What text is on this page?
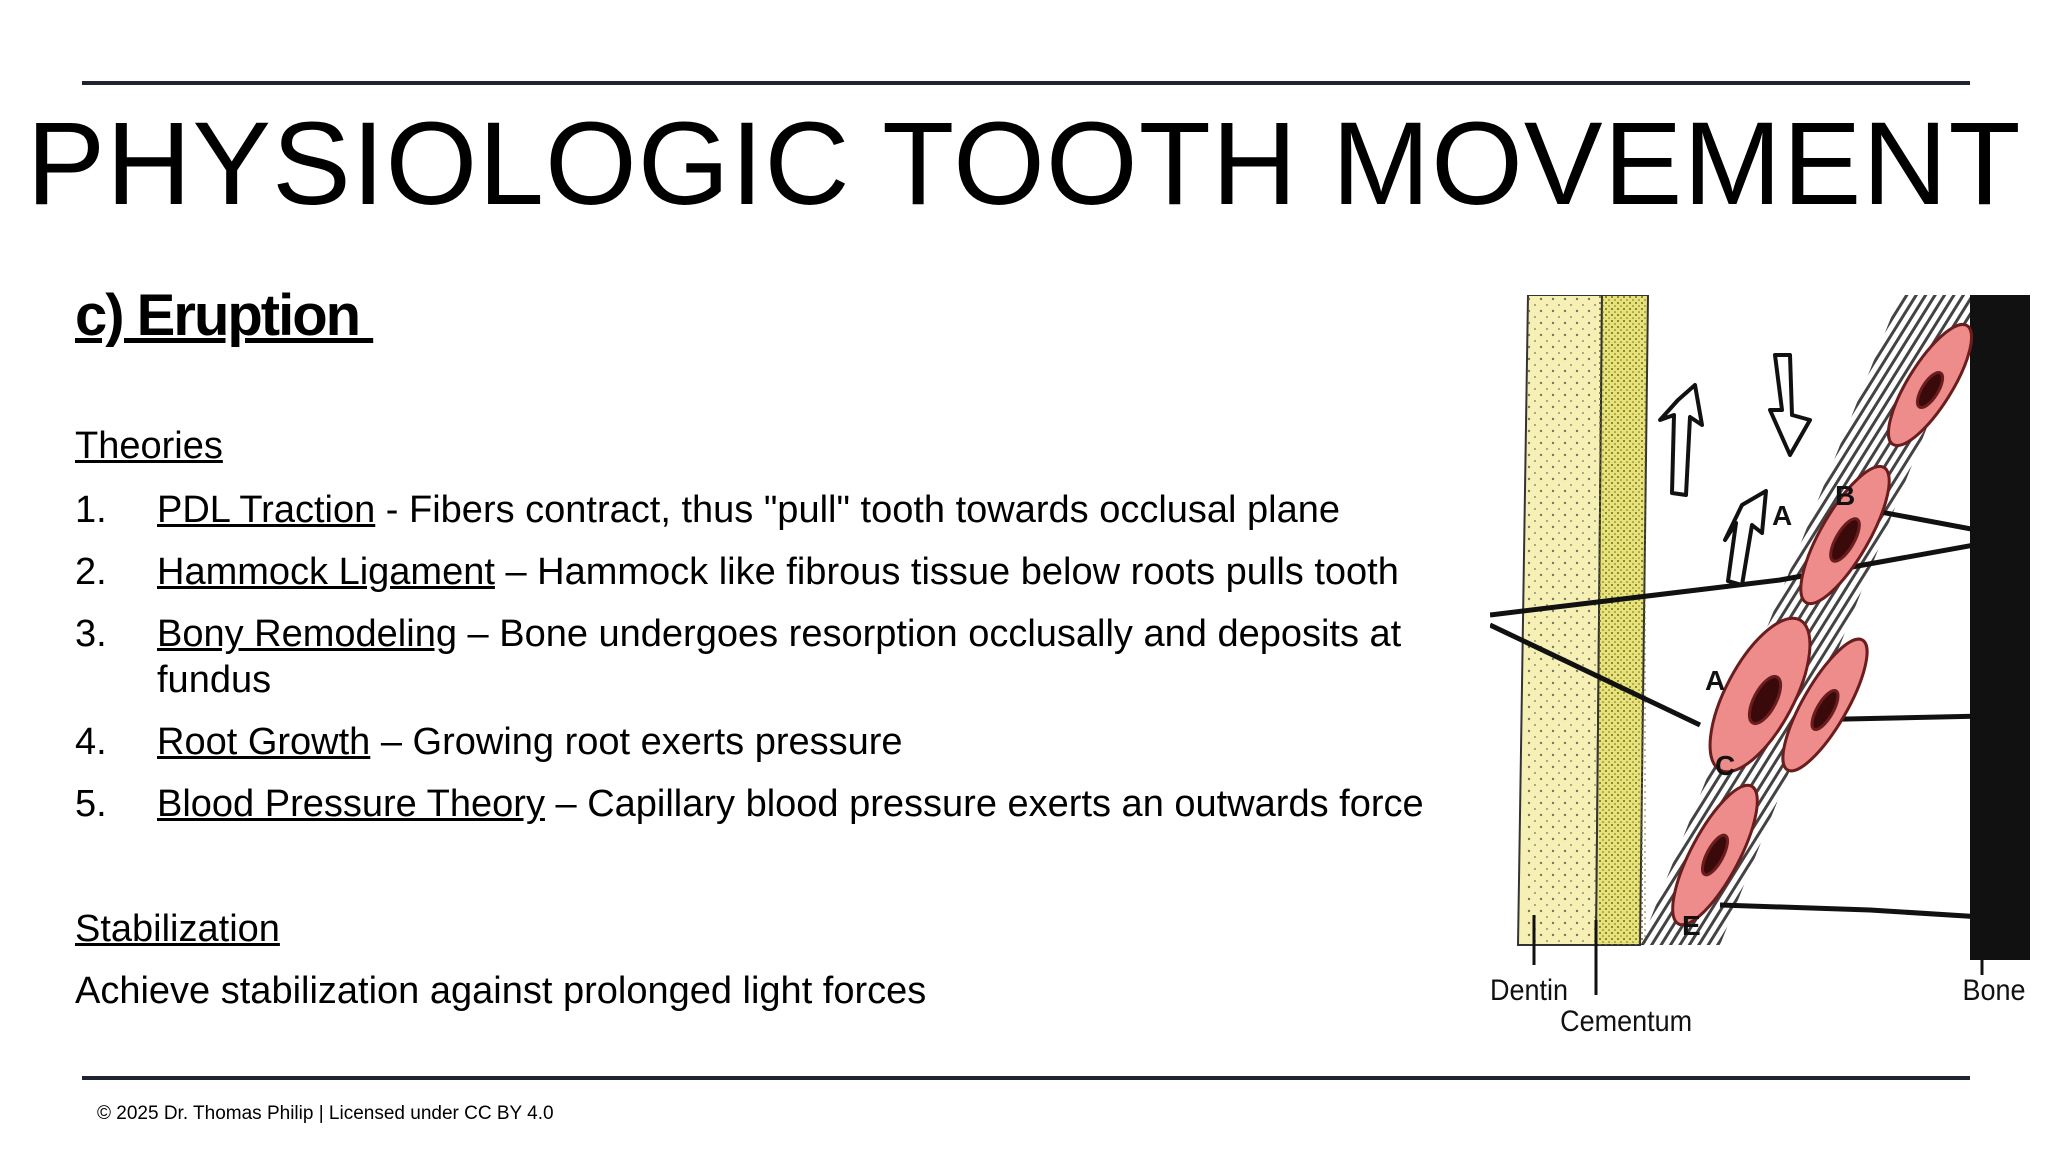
PHYSIOLOGIC TOOTH MOVEMENT
c) Eruption
Theories
1.	PDL Traction - Fibers contract, thus "pull" tooth towards occlusal plane
2.	Hammock Ligament – Hammock like fibrous tissue below roots pulls tooth
3.	Bony Remodeling – Bone undergoes resorption occlusally and deposits at fundus
4.	Root Growth – Growing root exerts pressure
5.	Blood Pressure Theory – Capillary blood pressure exerts an outwards force
Stabilization
Achieve stabilization against prolonged light forces
A
B
C
A
E
Dentin
Cementum
Bone
© 2025 Dr. Thomas Philip | Licensed under CC BY 4.0
